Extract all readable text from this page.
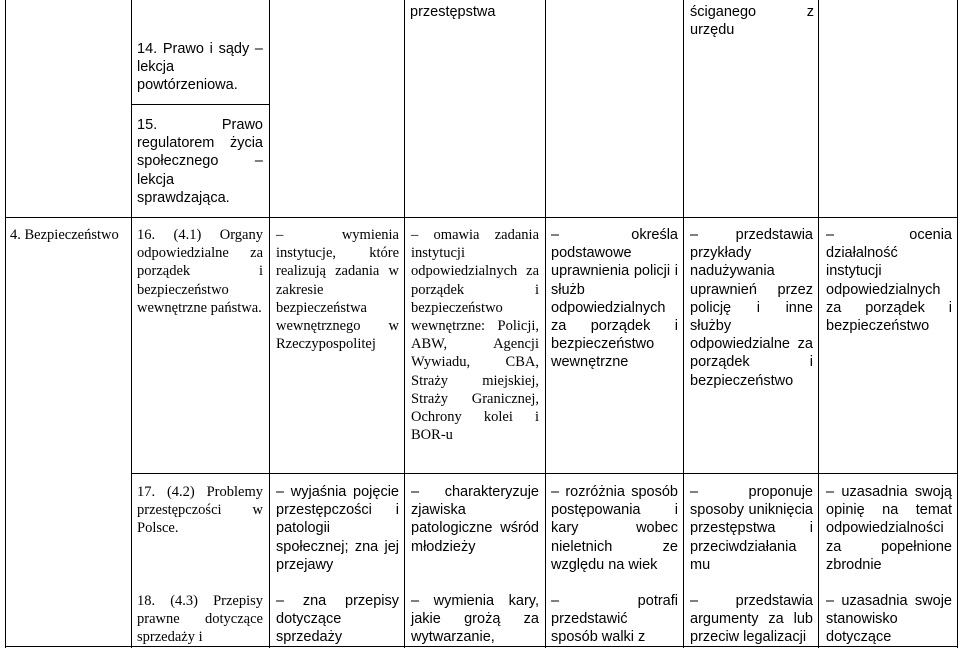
przestępstwa	ściganego z urzędu
14. Prawo i sądy – lekcja powtórzeniowa.
15. Prawo regulatorem życia społecznego – lekcja sprawdzająca.
4. Bezpieczeństwo	16. (4.1) Organy odpowiedzialne za porządek i bezpieczeństwo wewnętrzne państwa.
– wymienia instytucje, które realizują zadania w zakresie bezpieczeństwa wewnętrznego w Rzeczypospolitej
– omawia zadania instytucji odpowiedzialnych za porządek i bezpieczeństwo wewnętrzne: Policji, ABW, Agencji Wywiadu, CBA, Straży miejskiej, Straży Granicznej, Ochrony kolei i BOR-u
– określa podstawowe uprawnienia policji i służb odpowiedzialnych za porządek i bezpieczeństwo wewnętrzne
– przedstawia przykłady nadużywania uprawnień przez policję i inne służby odpowiedzialne za porządek i bezpieczeństwo
– ocenia działalność instytucji odpowiedzialnych za porządek i bezpieczeństwo
17. (4.2) Problemy przestępczości w Polsce.
– wyjaśnia pojęcie przestępczości i patologii społecznej; zna jej przejawy
– charakteryzuje zjawiska patologiczne wśród młodzieży
– rozróżnia sposób postępowania i kary wobec nieletnich ze względu na wiek
– proponuje sposoby uniknięcia przestępstwa i przeciwdziałania mu
– uzasadnia swoją opinię na temat odpowiedzialności za popełnione zbrodnie
18. (4.3) Przepisy prawne dotyczące sprzedaży i
– zna przepisy dotyczące sprzedaży
– wymienia kary, jakie grożą za wytwarzanie,
– potrafi przedstawić sposób walki z
– przedstawia argumenty za lub przeciw legalizacji
– uzasadnia swoje stanowisko dotyczące
